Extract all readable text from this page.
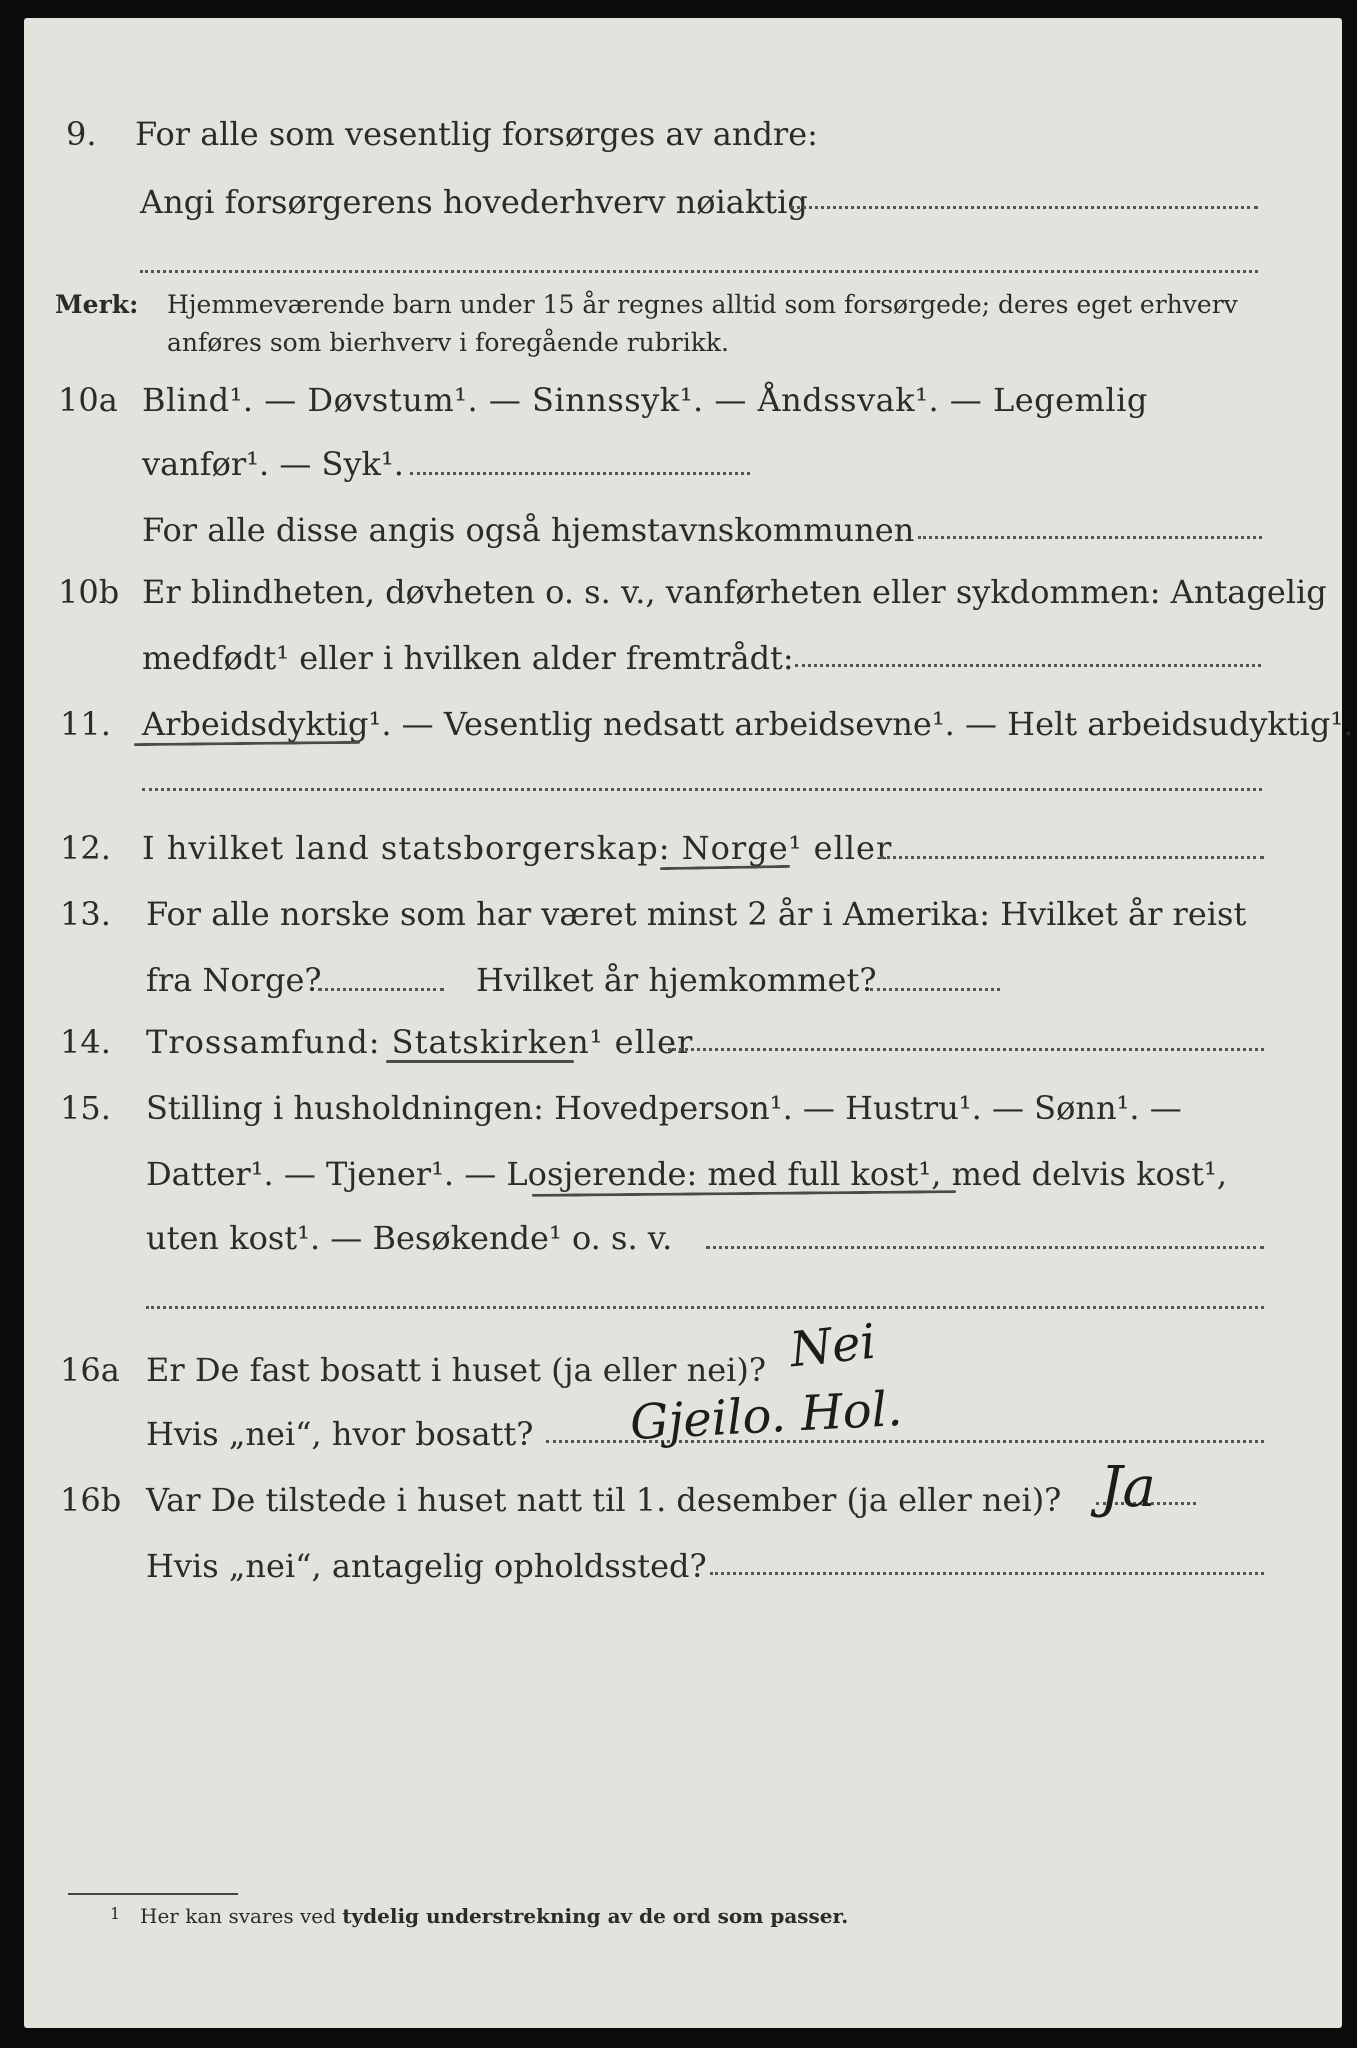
9. For alle som vesentlig forsørges av andre:
Angi forsørgerens hovederhverv nøiaktig
Merk: Hjemmeværende barn under 15 år regnes alltid som forsørgede; deres eget erhverv
anføres som bierhverv i foregående rubrikk.
10a Blind¹. — Døvstum¹. — Sinnssyk¹. — Åndssvak¹. — Legemlig
vanfør¹. — Syk¹.
For alle disse angis også hjemstavnskommunen
10b Er blindheten, døvheten o. s. v., vanførheten eller sykdommen: Antagelig
medfødt¹ eller i hvilken alder fremtrådt:
11. Arbeidsdyktig¹. — Vesentlig nedsatt arbeidsevne¹. — Helt arbeidsudyktig¹.
12. I hvilket land statsborgerskap: Norge¹ eller
13. For alle norske som har været minst 2 år i Amerika: Hvilket år reist
fra Norge?	Hvilket år hjemkommet?
14. Trossamfund: Statskirken¹ eller
15. Stilling i husholdningen: Hovedperson¹. — Hustru¹. — Sønn¹. —
Datter¹. — Tjener¹. — Losjerende: med full kost¹, med delvis kost¹,
uten kost¹. — Besøkende¹ o. s. v.
16a Er De fast bosatt i huset (ja eller nei)? Nei
Hvis „nei“, hvor bosatt? Gjeilo. Hol.
16b Var De tilstede i huset natt til 1. desember (ja eller nei)? Ja
Hvis „nei“, antagelig opholdssted?
1 Her kan svares ved tydelig understrekning av de ord som passer.
